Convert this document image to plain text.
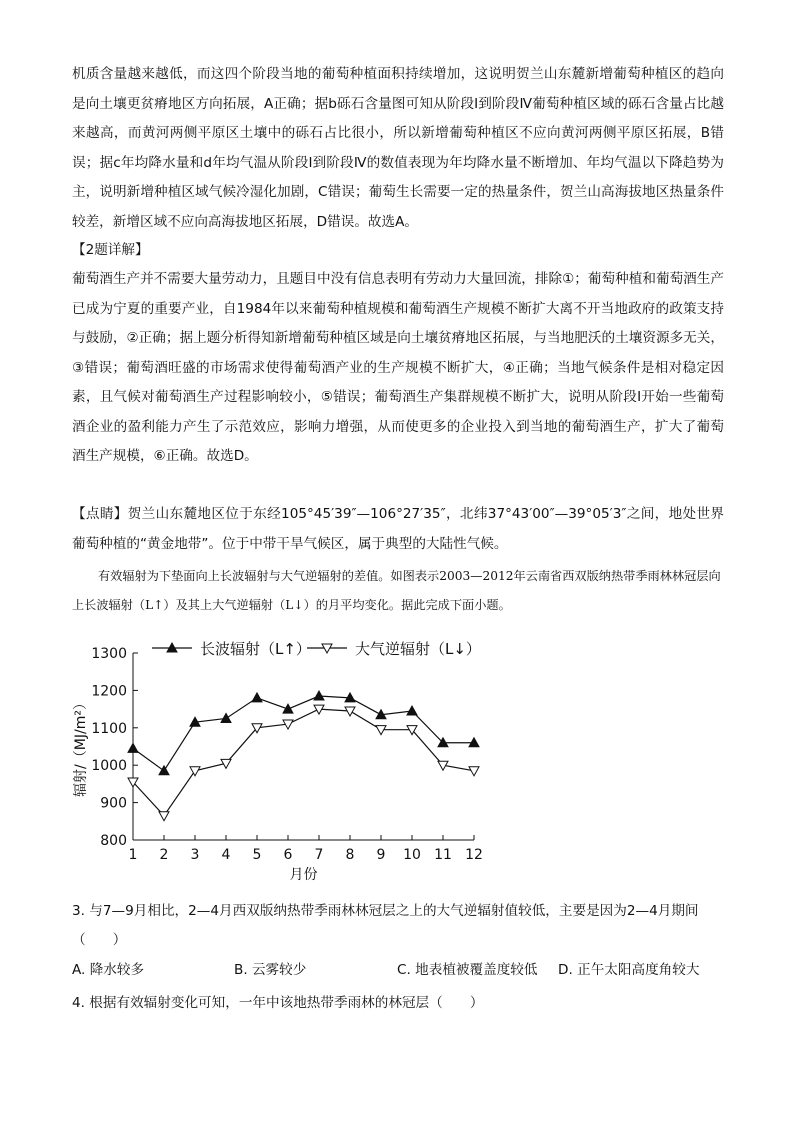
机质含量越来越低，而这四个阶段当地的葡萄种植面积持续增加，这说明贺兰山东麓新增葡萄种植区的趋向是向土壤更贫瘠地区方向拓展，A正确；据b砾石含量图可知从阶段Ⅰ到阶段Ⅳ葡萄种植区域的砾石含量占比越来越高，而黄河两侧平原区土壤中的砾石占比很小，所以新增葡萄种植区不应向黄河两侧平原区拓展，B错误；据c年均降水量和d年均气温从阶段Ⅰ到阶段Ⅳ的数值表现为年均降水量不断增加、年均气温以下降趋势为主，说明新增种植区域气候冷湿化加剧，C错误；葡萄生长需要一定的热量条件，贺兰山高海拔地区热量条件较差，新增区域不应向高海拔地区拓展，D错误。故选A。

【2题详解】

葡萄酒生产并不需要大量劳动力，且题目中没有信息表明有劳动力大量回流，排除①；葡萄种植和葡萄酒生产已成为宁夏的重要产业，自1984年以来葡萄种植规模和葡萄酒生产规模不断扩大离不开当地政府的政策支持与鼓励，②正确；据上题分析得知新增葡萄种植区域是向土壤贫瘠地区拓展，与当地肥沃的土壤资源多无关，③错误；葡萄酒旺盛的市场需求使得葡萄酒产业的生产规模不断扩大，④正确；当地气候条件是相对稳定因素，且气候对葡萄酒生产过程影响较小，⑤错误；葡萄酒生产集群规模不断扩大，说明从阶段Ⅰ开始一些葡萄酒企业的盈利能力产生了示范效应，影响力增强，从而使更多的企业投入到当地的葡萄酒生产，扩大了葡萄酒生产规模，⑥正确。故选D。

【点睛】贺兰山东麓地区位于东经105°45′39″—106°27′35″，北纬37°43′00″—39°05′3″之间，地处世界葡萄种植的“黄金地带”。位于中带干旱气候区，属于典型的大陆性气候。

有效辐射为下垫面向上长波辐射与大气逆辐射的差值。如图表示2003—2012年云南省西双版纳热带季雨林林冠层向上长波辐射（L↑）及其上大气逆辐射（L↓）的月平均变化。据此完成下面小题。

800
900
1000
1100
1200
1300
1 2 3 4 5 6 7 8 9 10 11 12
长波辐射（L↑）	大气逆辐射（L↓）
辐射/（MJ/m²）
月份

3. 与7—9月相比，2—4月西双版纳热带季雨林林冠层之上的大气逆辐射值较低，主要是因为2—4月期间（　　）

A. 降水较多	B. 云雾较少	C. 地表植被覆盖度较低 D. 正午太阳高度角较大

4. 根据有效辐射变化可知，一年中该地热带季雨林的林冠层（　　）
